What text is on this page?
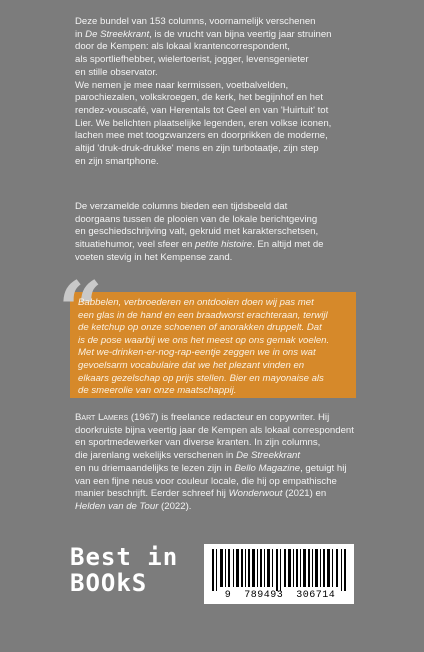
Deze bundel van 153 columns, voornamelijk verschenen
in De Streekkrant, is de vrucht van bijna veertig jaar struinen
door de Kempen: als lokaal krantencorrespondent,
als sportliefhebber, wielertoerist, jogger, levensgenieter
en stille observator.

We nemen je mee naar kermissen, voetbalvelden,
parochiezalen, volkskroegen, de kerk, het begijnhof en het
rendez-vouscafé, van Herentals tot Geel en van 'Huirtuit' tot
Lier. We belichten plaatselijke legenden, eren volkse iconen,
lachen mee met toogzwanzers en doorprikken de moderne,
altijd 'druk-druk-drukke' mens en zijn turbotaatje, zijn step
en zijn smartphone.

De verzamelde columns bieden een tijdsbeeld dat
doorgaans tussen de plooien van de lokale berichtgeving
en geschiedschrijving valt, gekruid met karakterschetsen,
situatiehumor, veel sfeer en petite histoire. En altijd met de
voeten stevig in het Kempense zand.

“

Babbelen, verbroederen en ontdooien doen wij pas met
een glas in de hand en een braadworst erachteraan, terwijl
de ketchup op onze schoenen of anorakken druppelt. Dat
is de pose waarbij we ons het meest op ons gemak voelen.
Met we-drinken-er-nog-rap-eentje zeggen we in ons wat
gevoelsarm vocabulaire dat we het plezant vinden en
elkaars gezelschap op prijs stellen. Bier en mayonaise als
de smeerolie van onze maatschappij.

Bart Lamers (1967) is freelance redacteur en copywriter. Hij
doorkruiste bijna veertig jaar de Kempen als lokaal correspondent
en sportmedewerker van diverse kranten. In zijn columns,
die jarenlang wekelijks verschenen in De Streekkrant
en nu driemaandelijks te lezen zijn in Bello Magazine, getuigt hij
van een fijne neus voor couleur locale, die hij op empathische
manier beschrijft. Eerder schreef hij Wonderwout (2021) en
Helden van de Tour (2022).

Best in
BOOkS	9  789493  306714
